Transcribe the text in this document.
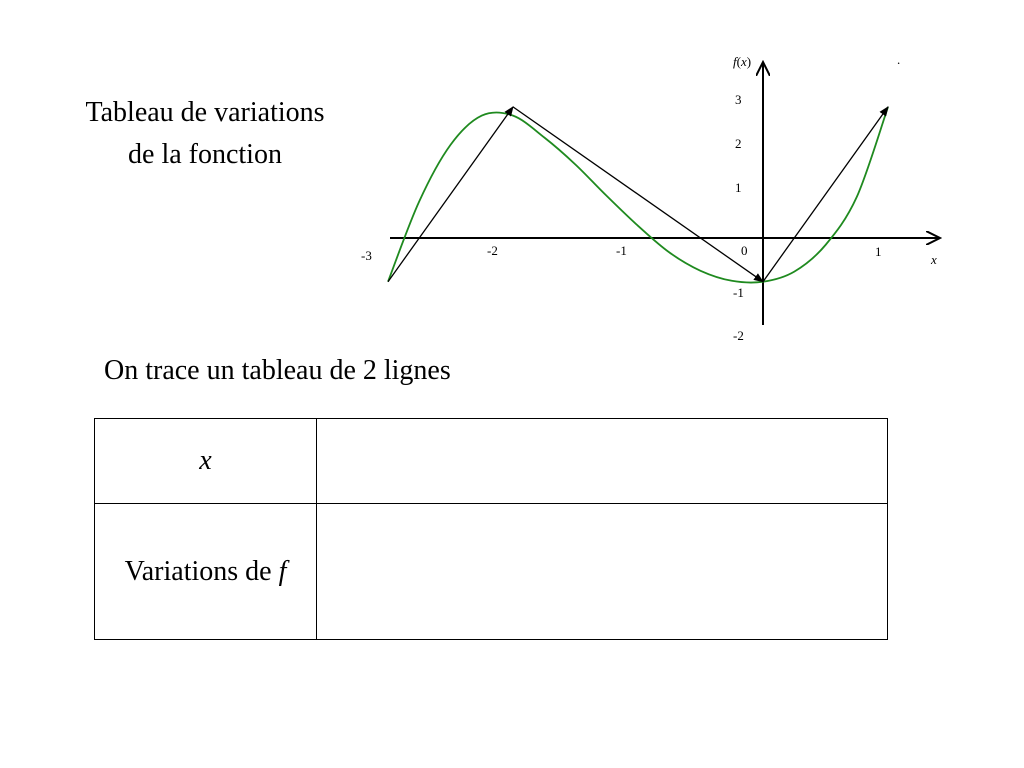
Tableau de variations
de la fonction
f(x)
x
.
-3	-2	-1	0	1
3
2
1
-1
-2
On trace un tableau de 2 lignes
x	
Variations de f	
